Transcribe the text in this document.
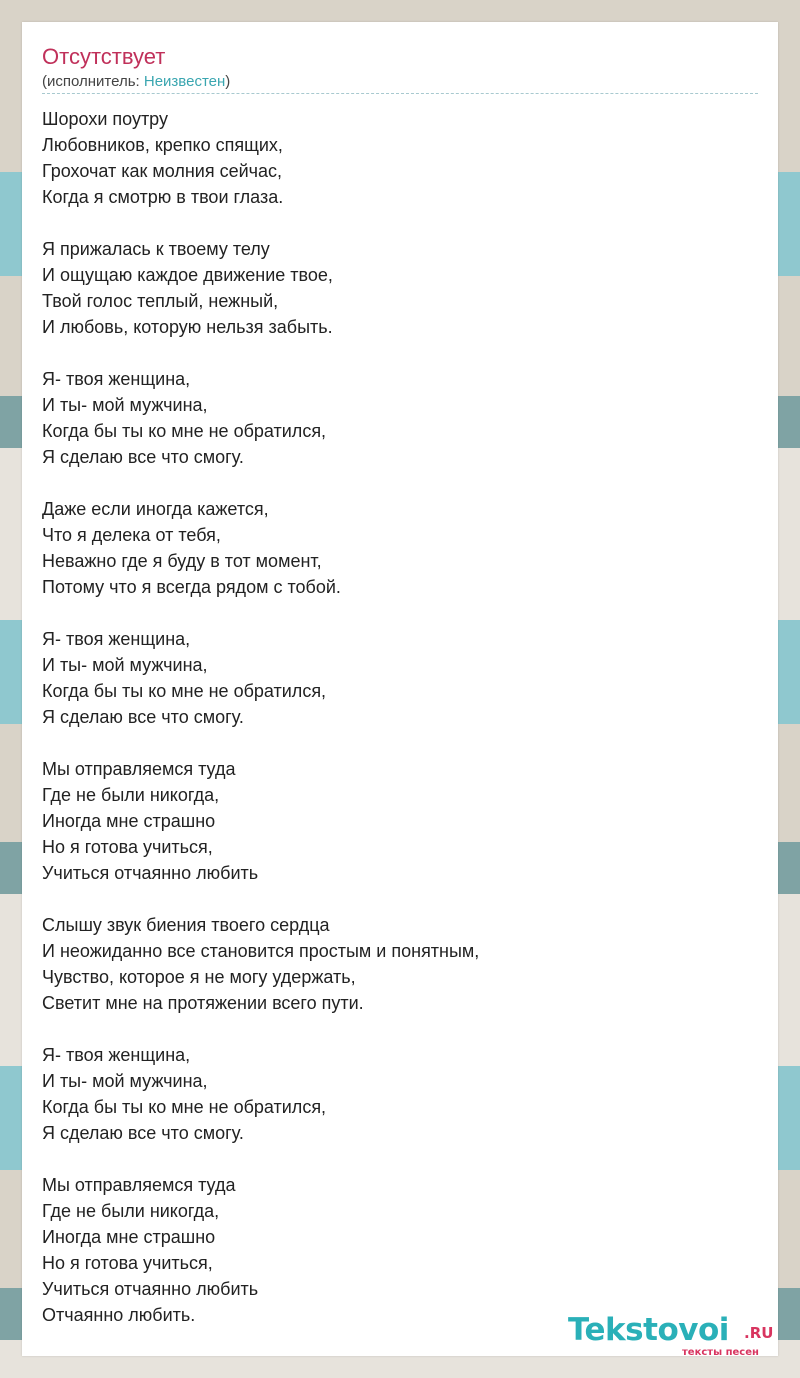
Отсутствует
(исполнитель: Неизвестен)
Шорохи поутру
Любовников, крепко спящих,
Грохочат как молния сейчас,
Когда я смотрю в твои глаза.
Я прижалась к твоему телу
И ощущаю каждое движение твое,
Твой голос теплый, нежный,
И любовь, которую нельзя забыть.
Я- твоя женщина,
И ты- мой мужчина,
Когда бы ты ко мне не обратился,
Я сделаю все что смогу.
Даже если иногда кажется,
Что я делека от тебя,
Неважно где я буду в тот момент,
Потому что я всегда рядом с тобой.
Я- твоя женщина,
И ты- мой мужчина,
Когда бы ты ко мне не обратился,
Я сделаю все что смогу.
Мы отправляемся туда
Где не были никогда,
Иногда мне страшно
Но я готова учиться,
Учиться отчаянно любить
Слышу звук биения твоего сердца
И неожиданно все становится простым и понятным,
Чувство, которое я не могу удержать,
Светит мне на протяжении всего пути.
Я- твоя женщина,
И ты- мой мужчина,
Когда бы ты ко мне не обратился,
Я сделаю все что смогу.
Мы отправляемся туда
Где не были никогда,
Иногда мне страшно
Но я готова учиться,
Учиться отчаянно любить
Отчаянно любить.	Tekstovoi .RU
тексты песен
